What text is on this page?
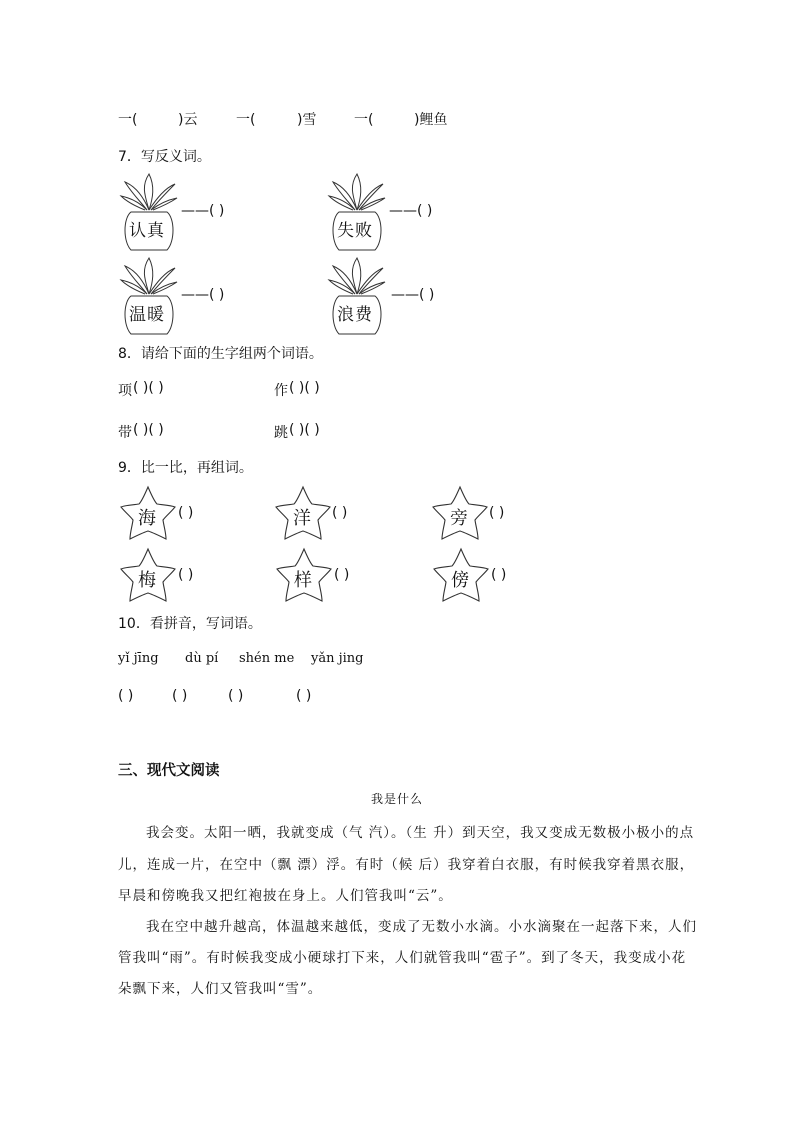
一(	)云	一(	)雪	一(	)鲤鱼
7．写反义词。
认真
——( )
失败
——( )
温暖
——( )
浪费
——( )
8．请给下面的生字组两个词语。
项 ( )( )	作 ( )( )
带 ( )( )	跳 ( )( )
9．比一比，再组词。
海	( )	洋	( )	旁	( )
梅	( )	样	( )	傍	( )
10．看拼音，写词语。
yǐ jīng dù pí shén me yǎn jing
( )	( )	( )	( )
三、现代文阅读
我是什么
我会变。太阳一晒，我就变成（气 汽）。（生 升）到天空，我又变成无数极小极小的点
儿，连成一片，在空中（飘 漂）浮。有时（候 后）我穿着白衣服，有时候我穿着黑衣服，
早晨和傍晚我又把红袍披在身上。人们管我叫“云”。
我在空中越升越高，体温越来越低，变成了无数小水滴。小水滴聚在一起落下来，人们
管我叫“雨”。有时候我变成小硬球打下来，人们就管我叫“雹子”。到了冬天，我变成小花
朵飘下来，人们又管我叫“雪”。
